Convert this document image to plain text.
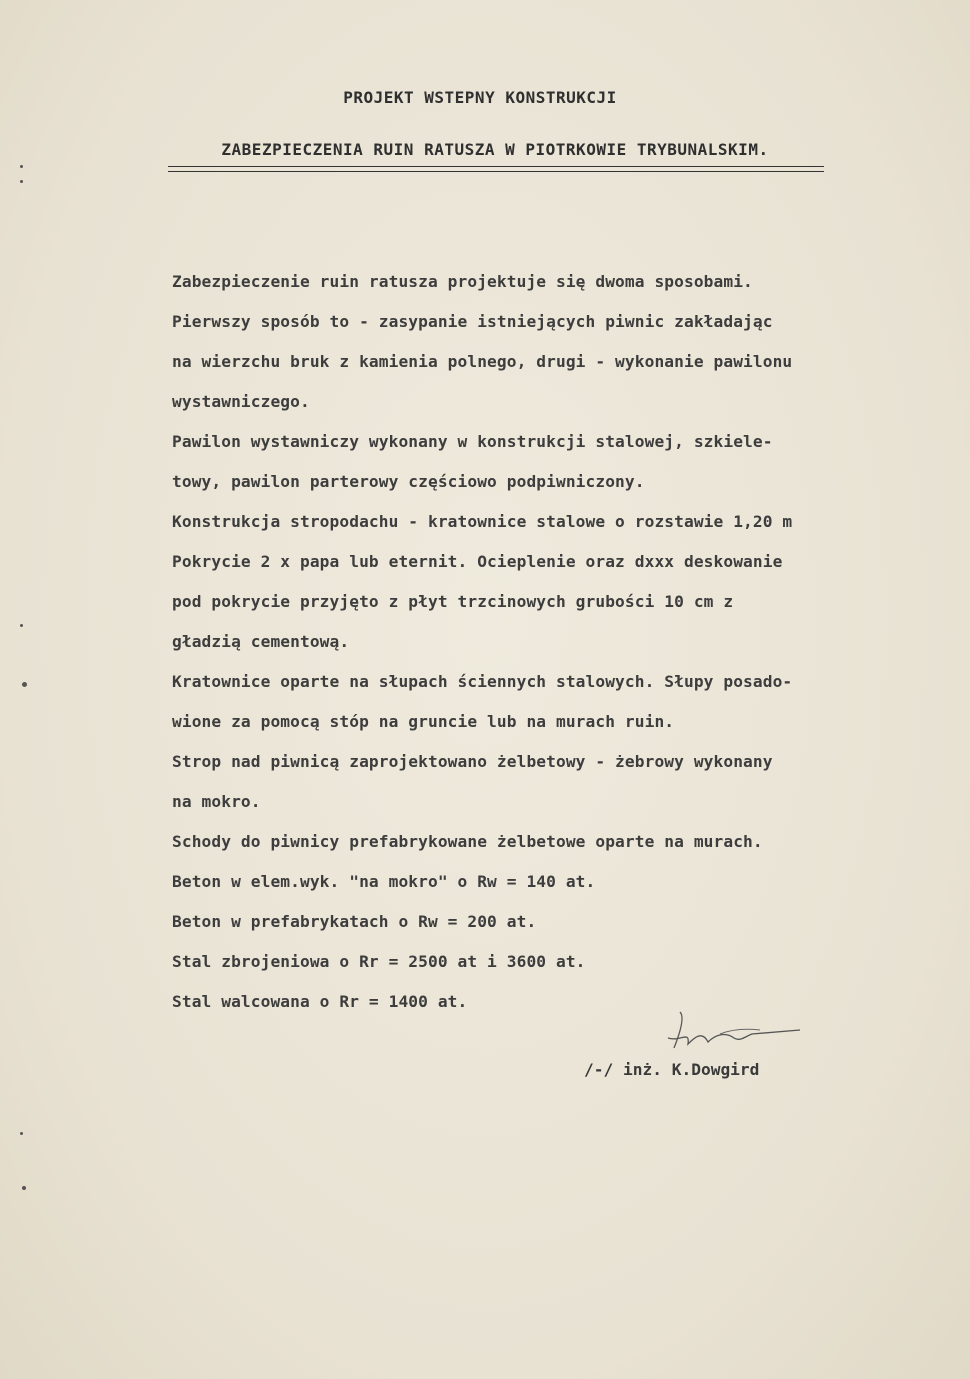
PROJEKT WSTEPNY KONSTRUKCJI
ZABEZPIECZENIA RUIN RATUSZA W PIOTRKOWIE TRYBUNALSKIM.
Zabezpieczenie ruin ratusza projektuje się dwoma sposobami.
Pierwszy sposób to - zasypanie istniejących piwnic zakładając
na wierzchu bruk z kamienia polnego, drugi - wykonanie pawilonu
wystawniczego.
Pawilon wystawniczy wykonany w konstrukcji stalowej, szkiele-
towy, pawilon parterowy częściowo podpiwniczony.
Konstrukcja stropodachu - kratownice stalowe o rozstawie 1,20 m
Pokrycie 2 x papa lub eternit. Ocieplenie oraz dxxx deskowanie
pod pokrycie przyjęto z płyt trzcinowych grubości 10 cm z
gładzią cementową.
Kratownice oparte na słupach ściennych stalowych. Słupy posado-
wione za pomocą stóp na gruncie lub na murach ruin.
Strop nad piwnicą zaprojektowano żelbetowy - żebrowy wykonany
na mokro.
Schody do piwnicy prefabrykowane żelbetowe oparte na murach.
Beton w elem.wyk. "na mokro" o Rw = 140 at.
Beton w prefabrykatach o Rw = 200 at.
Stal zbrojeniowa o Rr = 2500 at i 3600 at.
Stal walcowana o Rr = 1400 at.
/-/ inż. K.Dowgird
